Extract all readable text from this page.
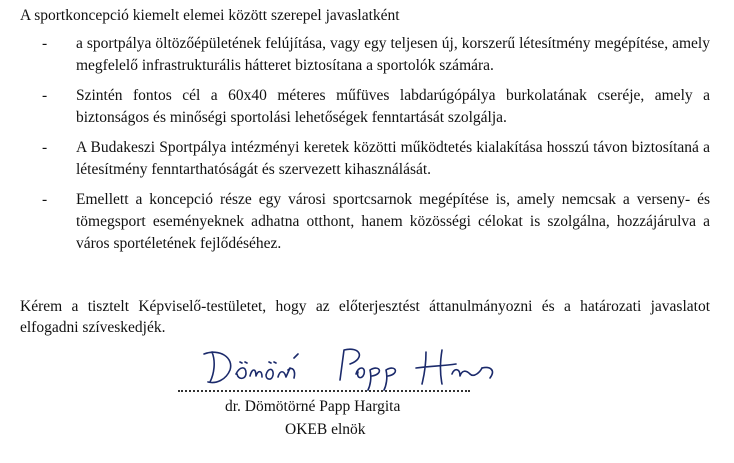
A sportkoncepció kiemelt elemei között szerepel javaslatként

- a sportpálya öltözőépületének felújítása, vagy egy teljesen új, korszerű létesítmény megépítése, amely megfelelő infrastrukturális hátteret biztosítana a sportolók számára.
- Szintén fontos cél a 60x40 méteres műfüves labdarúgópálya burkolatának cseréje, amely a biztonságos és minőségi sportolási lehetőségek fenntartását szolgálja.
- A Budakeszi Sportpálya intézményi keretek közötti működtetés kialakítása hosszú távon biztosítaná a létesítmény fenntarthatóságát és szervezett kihasználását.
- Emellett a koncepció része egy városi sportcsarnok megépítése is, amely nemcsak a verseny- és tömegsport eseményeknek adhatna otthont, hanem közösségi célokat is szolgálna, hozzájárulva a város sportéletének fejlődéséhez.

Kérem a tisztelt Képviselő-testületet, hogy az előterjesztést áttanulmányozni és a határozati javaslatot elfogadni szíveskedjék.

dr. Dömötörné Papp Hargita
OKEB elnök
